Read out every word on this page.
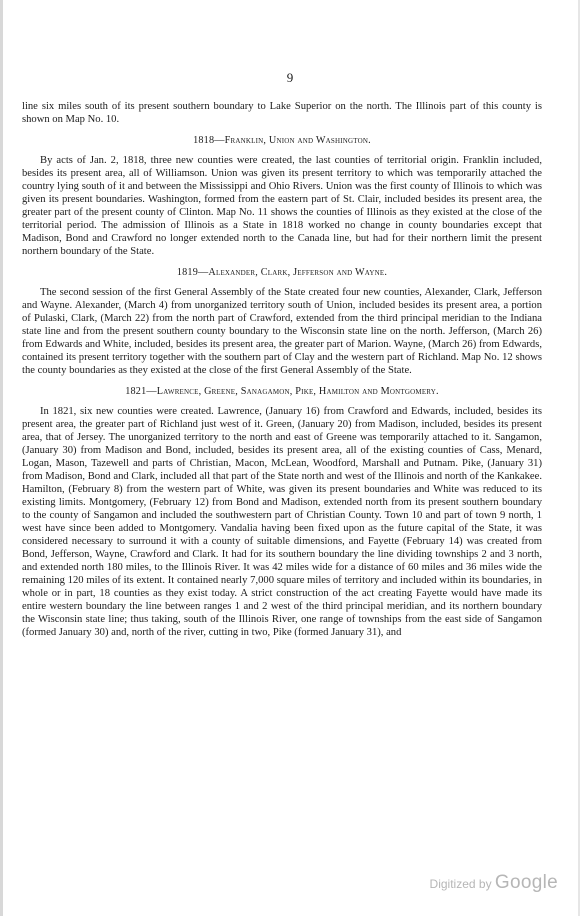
9

line six miles south of its present southern boundary to Lake Superior on the north. The Illinois part of this county is shown on Map No. 10.

1818—Franklin, Union and Washington.

By acts of Jan. 2, 1818, three new counties were created, the last counties of territorial origin. Franklin included, besides its present area, all of Williamson. Union was given its present territory to which was temporarily attached the country lying south of it and between the Mississippi and Ohio Rivers. Union was the first county of Illinois to which was given its present boundaries. Washington, formed from the eastern part of St. Clair, included besides its present area, the greater part of the present county of Clinton. Map No. 11 shows the counties of Illinois as they existed at the close of the territorial period. The admission of Illinois as a State in 1818 worked no change in county boundaries except that Madison, Bond and Crawford no longer extended north to the Canada line, but had for their northern limit the present northern boundary of the State.

1819—Alexander, Clark, Jefferson and Wayne.

The second session of the first General Assembly of the State created four new counties, Alexander, Clark, Jefferson and Wayne. Alexander, (March 4) from unorganized territory south of Union, included besides its present area, a portion of Pulaski, Clark, (March 22) from the north part of Crawford, extended from the third principal meridian to the Indiana state line and from the present southern county boundary to the Wisconsin state line on the north. Jefferson, (March 26) from Edwards and White, included, besides its present area, the greater part of Marion. Wayne, (March 26) from Edwards, contained its present territory together with the southern part of Clay and the western part of Richland. Map No. 12 shows the county boundaries as they existed at the close of the first General Assembly of the State.

1821—Lawrence, Greene, Sanagamon, Pike, Hamilton and Montgomery.

In 1821, six new counties were created. Lawrence, (January 16) from Crawford and Edwards, included, besides its present area, the greater part of Richland just west of it. Green, (January 20) from Madison, included, besides its present area, that of Jersey. The unorganized territory to the north and east of Greene was temporarily attached to it. Sangamon, (January 30) from Madison and Bond, included, besides its present area, all of the existing counties of Cass, Menard, Logan, Mason, Tazewell and parts of Christian, Macon, McLean, Woodford, Marshall and Putnam. Pike, (January 31) from Madison, Bond and Clark, included all that part of the State north and west of the Illinois and north of the Kankakee. Hamilton, (February 8) from the western part of White, was given its present boundaries and White was reduced to its existing limits. Montgomery, (February 12) from Bond and Madison, extended north from its present southern boundary to the county of Sangamon and included the southwestern part of Christian County. Town 10 and part of town 9 north, 1 west have since been added to Montgomery. Vandalia having been fixed upon as the future capital of the State, it was considered necessary to surround it with a county of suitable dimensions, and Fayette (February 14) was created from Bond, Jefferson, Wayne, Crawford and Clark. It had for its southern boundary the line dividing townships 2 and 3 north, and extended north 180 miles, to the Illinois River. It was 42 miles wide for a distance of 60 miles and 36 miles wide the remaining 120 miles of its extent. It contained nearly 7,000 square miles of territory and included within its boundaries, in whole or in part, 18 counties as they exist today. A strict construction of the act creating Fayette would have made its entire western boundary the line between ranges 1 and 2 west of the third principal meridian, and its northern boundary the Wisconsin state line; thus taking, south of the Illinois River, one range of townships from the east side of Sangamon (formed January 30) and, north of the river, cutting in two, Pike (formed January 31), and

Digitized by Google
